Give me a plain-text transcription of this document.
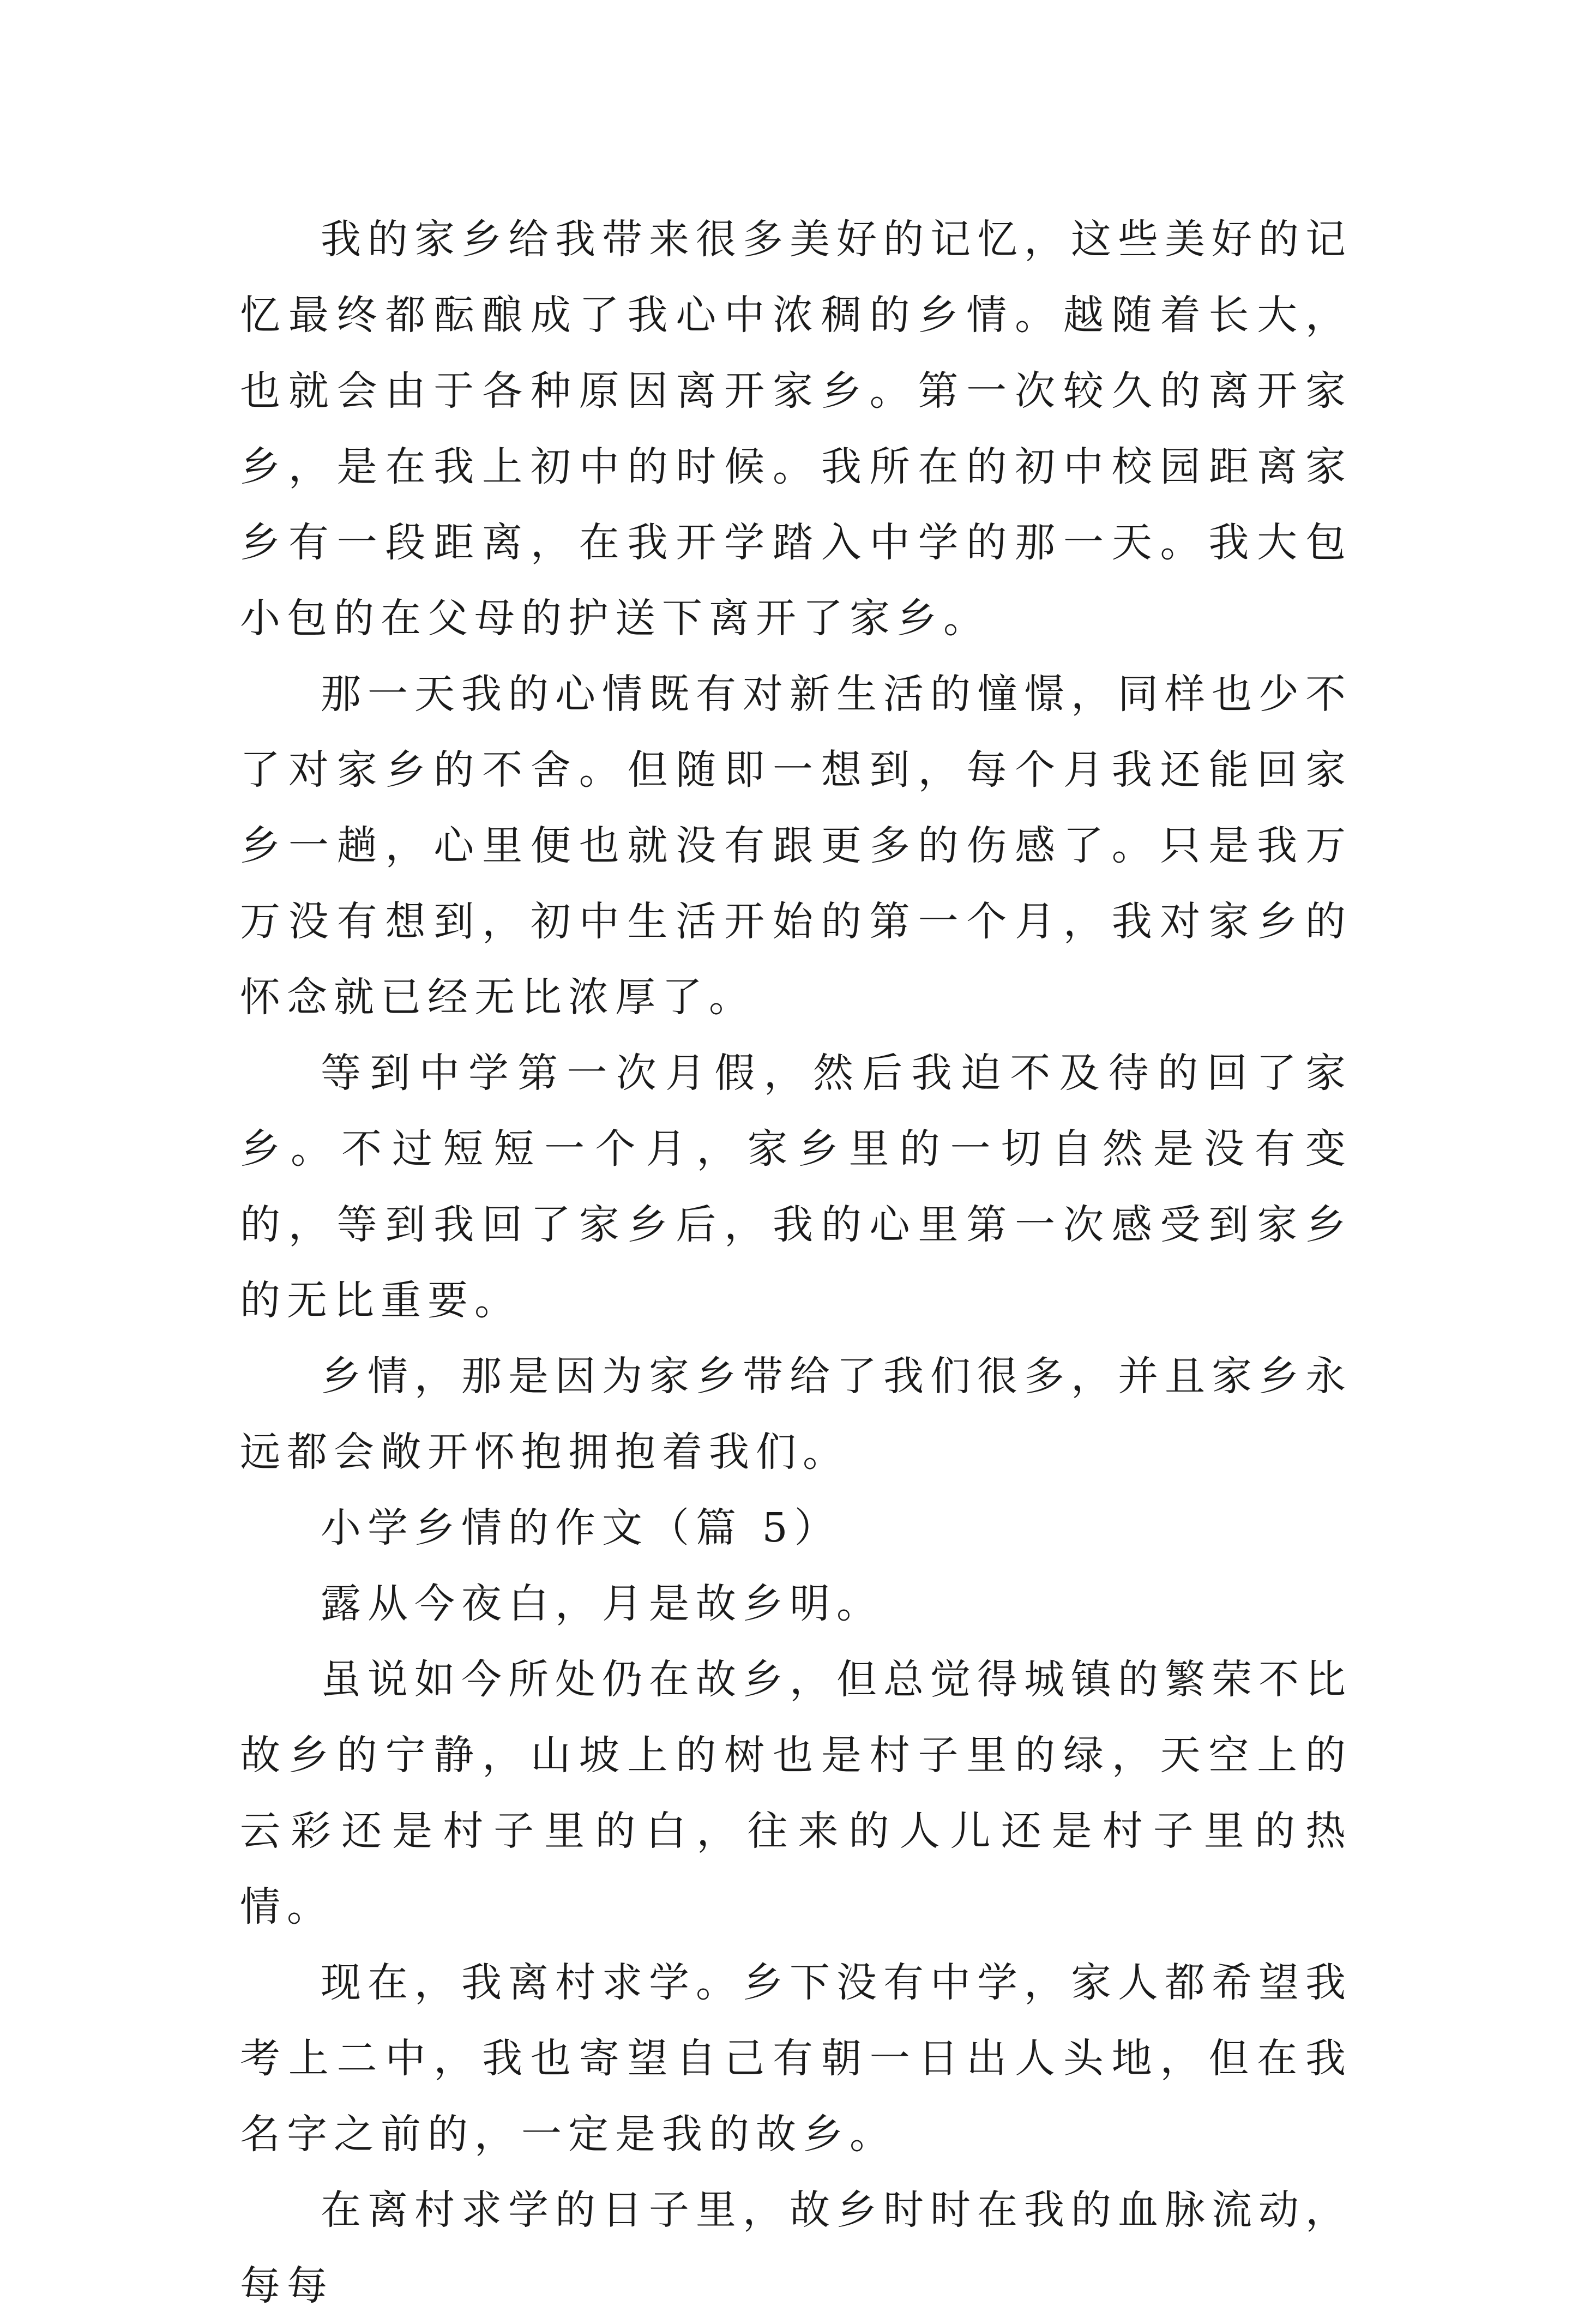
我的家乡给我带来很多美好的记忆，这些美好的记忆最终都酝酿成了我心中浓稠的乡情。越随着长大，也就会由于各种原因离开家乡。第一次较久的离开家乡，是在我上初中的时候。我所在的初中校园距离家乡有一段距离，在我开学踏入中学的那一天。我大包小包的在父母的护送下离开了家乡。

那一天我的心情既有对新生活的憧憬，同样也少不了对家乡的不舍。但随即一想到，每个月我还能回家乡一趟，心里便也就没有跟更多的伤感了。只是我万万没有想到，初中生活开始的第一个月，我对家乡的怀念就已经无比浓厚了。

等到中学第一次月假，然后我迫不及待的回了家乡。不过短短一个月，家乡里的一切自然是没有变的，等到我回了家乡后，我的心里第一次感受到家乡的无比重要。

乡情，那是因为家乡带给了我们很多，并且家乡永远都会敞开怀抱拥抱着我们。

小学乡情的作文（篇 5）

露从今夜白，月是故乡明。

虽说如今所处仍在故乡，但总觉得城镇的繁荣不比故乡的宁静，山坡上的树也是村子里的绿，天空上的云彩还是村子里的白，往来的人儿还是村子里的热情。

现在，我离村求学。乡下没有中学，家人都希望我考上二中，我也寄望自己有朝一日出人头地，但在我名字之前的，一定是我的故乡。

在离村求学的日子里，故乡时时在我的血脉流动，每每
